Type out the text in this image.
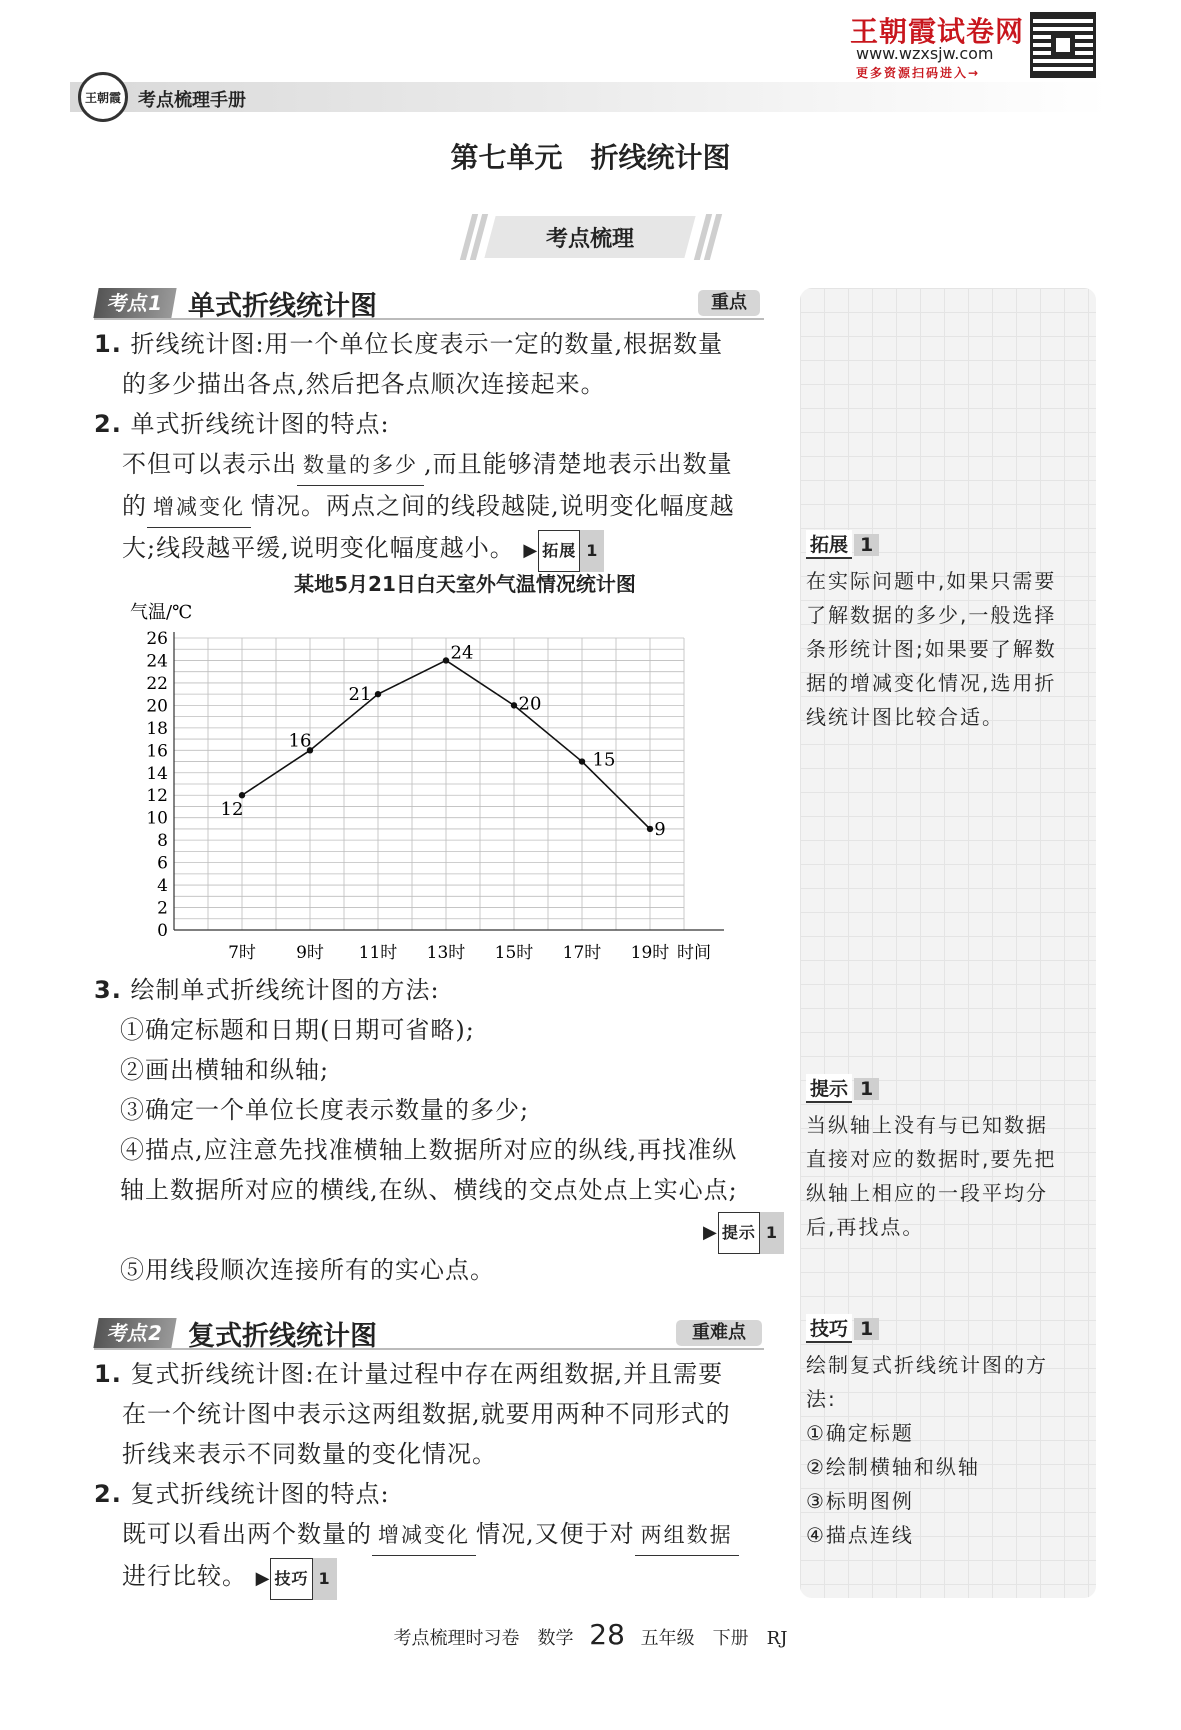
王朝霞 考点梳理手册
王朝霞试卷网
www.wzxsjw.com
更多资源扫码进入→
第七单元　折线统计图
考点梳理
拓展 1
在实际问题中,如果只需要
了解数据的多少,一般选择
条形统计图;如果要了解数
据的增减变化情况,选用折
线统计图比较合适。
提示 1
当纵轴上没有与已知数据
直接对应的数据时,要先把
纵轴上相应的一段平均分
后,再找点。
技巧 1
绘制复式折线统计图的方
法:
①确定标题
②绘制横轴和纵轴
③标明图例
④描点连线
考点1 单式折线统计图	重点
1. 折线统计图:用一个单位长度表示一定的数量,根据数量
的多少描出各点,然后把各点顺次连接起来。
2. 单式折线统计图的特点:
不但可以表示出 数量的多少 ,而且能够清楚地表示出数量
的 增减变化 情况。两点之间的线段越陡,说明变化幅度越
大;线段越平缓,说明变化幅度越小。 ▶ 拓展 1
某地5月21日白天室外气温情况统计图
气温/℃
0
2
4
6
8
10
12
14
16
18
20
22
24
26
7时 9时 11时 13时 15时 17时 19时 时间
12
16
21
24
20
15
9
3. 绘制单式折线统计图的方法:
①确定标题和日期(日期可省略);
②画出横轴和纵轴;
③确定一个单位长度表示数量的多少;
④描点,应注意先找准横轴上数据所对应的纵线,再找准纵
轴上数据所对应的横线,在纵、横线的交点处点上实心点;
▶ 提示 1
⑤用线段顺次连接所有的实心点。
考点2 复式折线统计图	重难点
1. 复式折线统计图:在计量过程中存在两组数据,并且需要
在一个统计图中表示这两组数据,就要用两种不同形式的
折线来表示不同数量的变化情况。
2. 复式折线统计图的特点:
既可以看出两个数量的 增减变化 情况,又便于对 两组数据
进行比较。 ▶ 技巧 1
考点梳理时习卷　数学 28 五年级　下册　RJ
